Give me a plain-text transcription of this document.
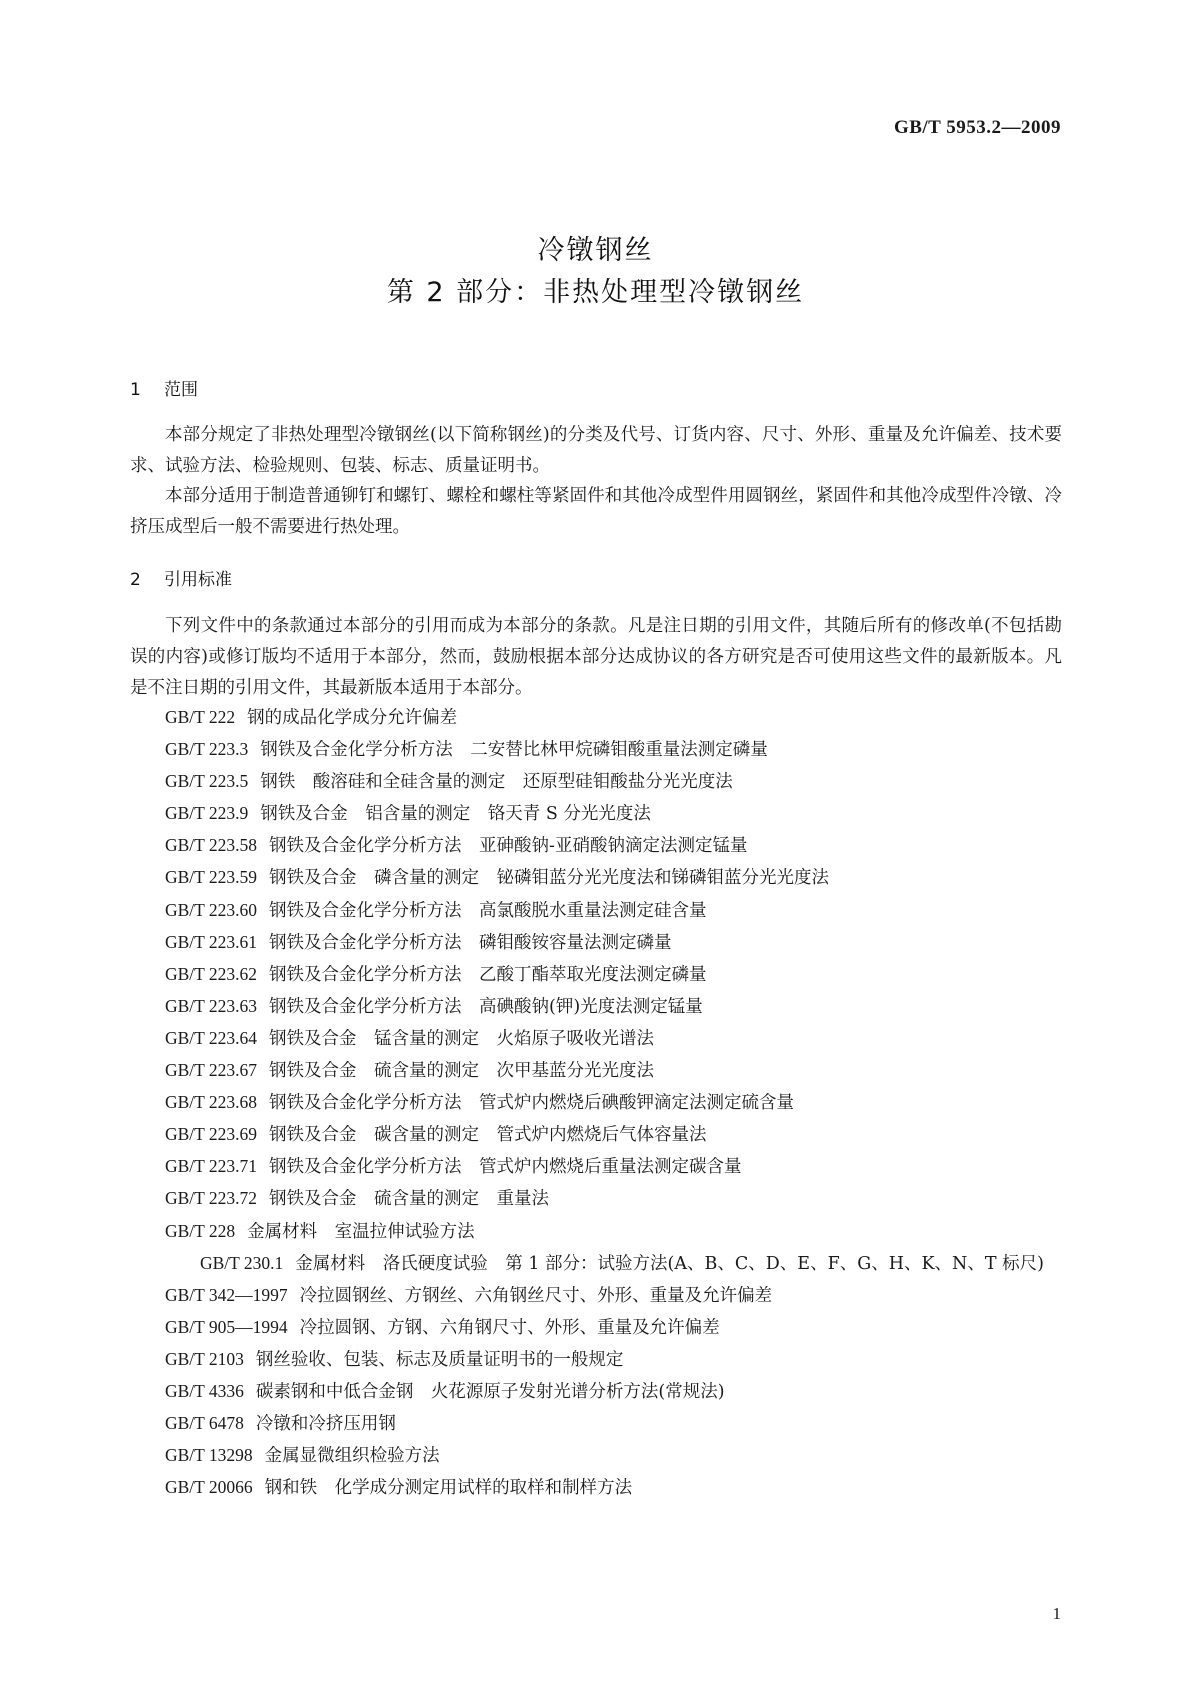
GB/T 5953.2—2009
冷镦钢丝
第 2 部分：非热处理型冷镦钢丝
1 范围

本部分规定了非热处理型冷镦钢丝(以下简称钢丝)的分类及代号、订货内容、尺寸、外形、重量及允许偏差、技术要求、试验方法、检验规则、包装、标志、质量证明书。

本部分适用于制造普通铆钉和螺钉、螺栓和螺柱等紧固件和其他冷成型件用圆钢丝，紧固件和其他冷成型件冷镦、冷挤压成型后一般不需要进行热处理。

2 引用标准

下列文件中的条款通过本部分的引用而成为本部分的条款。凡是注日期的引用文件，其随后所有的修改单(不包括勘误的内容)或修订版均不适用于本部分，然而，鼓励根据本部分达成协议的各方研究是否可使用这些文件的最新版本。凡是不注日期的引用文件，其最新版本适用于本部分。

GB/T 222 钢的成品化学成分允许偏差
GB/T 223.3 钢铁及合金化学分析方法　二安替比林甲烷磷钼酸重量法测定磷量
GB/T 223.5 钢铁　酸溶硅和全硅含量的测定　还原型硅钼酸盐分光光度法
GB/T 223.9 钢铁及合金　铝含量的测定　铬天青 S 分光光度法
GB/T 223.58 钢铁及合金化学分析方法　亚砷酸钠-亚硝酸钠滴定法测定锰量
GB/T 223.59 钢铁及合金　磷含量的测定　铋磷钼蓝分光光度法和锑磷钼蓝分光光度法
GB/T 223.60 钢铁及合金化学分析方法　高氯酸脱水重量法测定硅含量
GB/T 223.61 钢铁及合金化学分析方法　磷钼酸铵容量法测定磷量
GB/T 223.62 钢铁及合金化学分析方法　乙酸丁酯萃取光度法测定磷量
GB/T 223.63 钢铁及合金化学分析方法　高碘酸钠(钾)光度法测定锰量
GB/T 223.64 钢铁及合金　锰含量的测定　火焰原子吸收光谱法
GB/T 223.67 钢铁及合金　硫含量的测定　次甲基蓝分光光度法
GB/T 223.68 钢铁及合金化学分析方法　管式炉内燃烧后碘酸钾滴定法测定硫含量
GB/T 223.69 钢铁及合金　碳含量的测定　管式炉内燃烧后气体容量法
GB/T 223.71 钢铁及合金化学分析方法　管式炉内燃烧后重量法测定碳含量
GB/T 223.72 钢铁及合金　硫含量的测定　重量法
GB/T 228 金属材料　室温拉伸试验方法
GB/T 230.1 金属材料　洛氏硬度试验　第 1 部分：试验方法(A、B、C、D、E、F、G、H、K、N、T 标尺)
GB/T 342—1997 冷拉圆钢丝、方钢丝、六角钢丝尺寸、外形、重量及允许偏差
GB/T 905—1994 冷拉圆钢、方钢、六角钢尺寸、外形、重量及允许偏差
GB/T 2103 钢丝验收、包装、标志及质量证明书的一般规定
GB/T 4336 碳素钢和中低合金钢　火花源原子发射光谱分析方法(常规法)
GB/T 6478 冷镦和冷挤压用钢
GB/T 13298 金属显微组织检验方法
GB/T 20066 钢和铁　化学成分测定用试样的取样和制样方法
1
